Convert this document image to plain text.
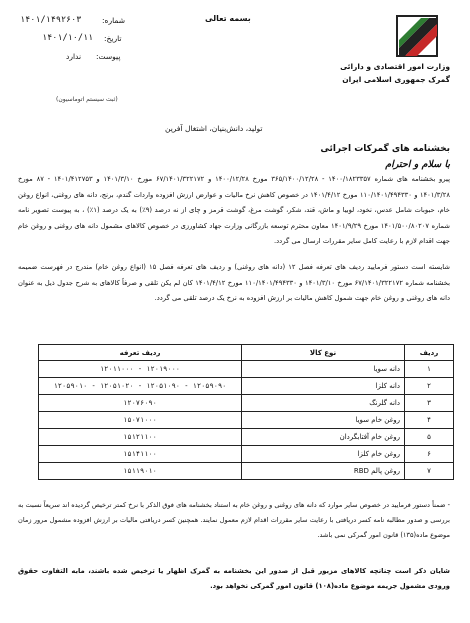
بسمه تعالی
شماره:
۱۴۰۱/۱۴۹۲۶۰۳
تاریخ:
۱۴۰۱/۱۰/۱۱
پیوست:
ندارد
وزارت امور اقتصادی و دارائی
گمرک جمهوری اسلامی ایران
(ثبت سیستم اتوماسیون)
تولید، دانش‌بنیان، اشتغال آفرین
بخشنامه های گمرکات اجرائی
با سلام و احترام
پیرو بخشنامه های شماره ۱۴۰۰/۱۸۲۳۳۵۷ - ۳۶۵/۱۴۰۰/۱۲/۲۸ مورخ ۱۴۰۰/۱۲/۲۸ و ۶۷/۱۴۰۱/۳۲۲۱۷۲ مورخ ۱۴۰۱/۳/۱۰ و ۱۴۰۱/۴۱۲۷۵۳ - ۸۷ مورخ ۱۴۰۱/۳/۲۸ و ۱۱۰/۱۴۰۱/۴۹۴۳۳۰ مورخ ۱۴۰۱/۴/۱۲ در خصوص کاهش نرخ مالیات و عوارض ارزش افزوده واردات گندم، برنج، دانه های روغنی، انواع روغن خام، حبوبات شامل عدس، نخود، لوبیا و ماش، قند، شکر، گوشت مرغ، گوشت قرمز و چای از نه درصد (۹٪) به یک درصد (۱٪) ، به پیوست تصویر نامه شماره ۱۴۰۱/۵۰۰/۸۰۲۰۷ مورخ ۱۴۰۱/۹/۲۹ معاون محترم توسعه بازرگانی وزارت جهاد کشاورزی در خصوص کالاهای مشمول دانه های روغنی و روغن خام جهت اقدام لازم با رعایت کامل سایر مقررات ارسال می گردد.
شایسته است دستور فرمایید ردیف های تعرفه فصل ۱۲ (دانه های روغنی) و ردیف های تعرفه فصل ۱۵ (انواع روغن خام) مندرج در فهرست ضمیمه بخشنامه شماره ۶۷/۱۴۰۱/۳۲۲۱۷۲ مورخ ۱۴۰۱/۳/۱۰ و ۱۱۰/۱۴۰۱/۴۹۴۳۳۰ مورخ ۱۴۰۱/۴/۱۲ کان لم یکن تلقی و صرفاً کالاهای به شرح جدول ذیل به عنوان دانه های روغنی و روغن خام جهت شمول کاهش مالیات بر ارزش افزوده به نرخ یک درصد تلقی می گردد.
ردیف	نوع کالا	ردیف تعرفه
۱	دانه سویا	۱۲۰۱۱۰۰۰ - ۱۲۰۱۹۰۰۰
۲	دانه کلزا	۱۲۰۵۹۰۱۰ - ۱۲۰۵۱۰۲۰ - ۱۲۰۵۱۰۹۰ - ۱۲۰۵۹۰۹۰
۳	دانه گلرنگ	۱۲۰۷۶۰۹۰
۴	روغن خام سویا	۱۵۰۷۱۰۰۰
۵	روغن خام آفتابگردان	۱۵۱۲۱۱۰۰
۶	روغن خام کلزا	۱۵۱۴۱۱۰۰
۷	روغن پالم RBD	۱۵۱۱۹۰۱۰
- ضمناً دستور فرمایید در خصوص سایر موارد که دانه های روغنی و روغن خام به استناد بخشنامه های فوق الذکر با نرخ کمتر ترخیص گردیده اند سریعاً نسبت به بررسی و صدور مطالبه نامه کسر دریافتی با رعایت سایر مقررات اقدام لازم معمول نمایند. همچنین کسر دریافتی مالیات بر ارزش افزوده مشمول مرور زمان موضوع ماده(۱۳۵) قانون امور گمرکی نمی باشد.
شایان ذکر است چنانچه کالاهای مزبور قبل از صدور این بخشنامه به گمرک اظهار یا ترخیص شده باشند، مابه التفاوت حقوق ورودی مشمول جریمه موضوع ماده(۱۰۸) قانون امور گمرکی نخواهد بود.
